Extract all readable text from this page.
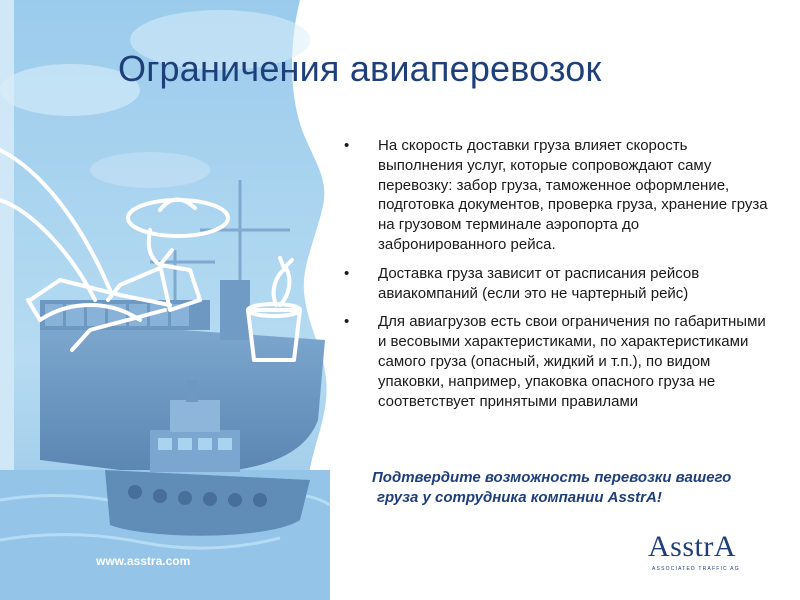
Ограничения авиаперевозок
• На скорость доставки груза влияет скорость выполнения услуг, которые сопровождают саму перевозку: забор груза, таможенное оформление, подготовка документов, проверка груза, хранение груза на грузовом терминале аэропорта до забронированного рейса.
• Доставка груза зависит от расписания рейсов авиакомпаний (если это не чартерный рейс)
• Для авиагрузов есть свои ограничения по габаритными и весовыми характеристиками, по характеристиками самого груза (опасный, жидкий и т.п.), по видом упаковки, например, упаковка опасного груза не соответствует принятыми правилами
Подтвердите возможность перевозки вашего груза у сотрудника компании AsstrA!
www.asstra.com	AsstrA
ASSOCIATED TRAFFIC AG
